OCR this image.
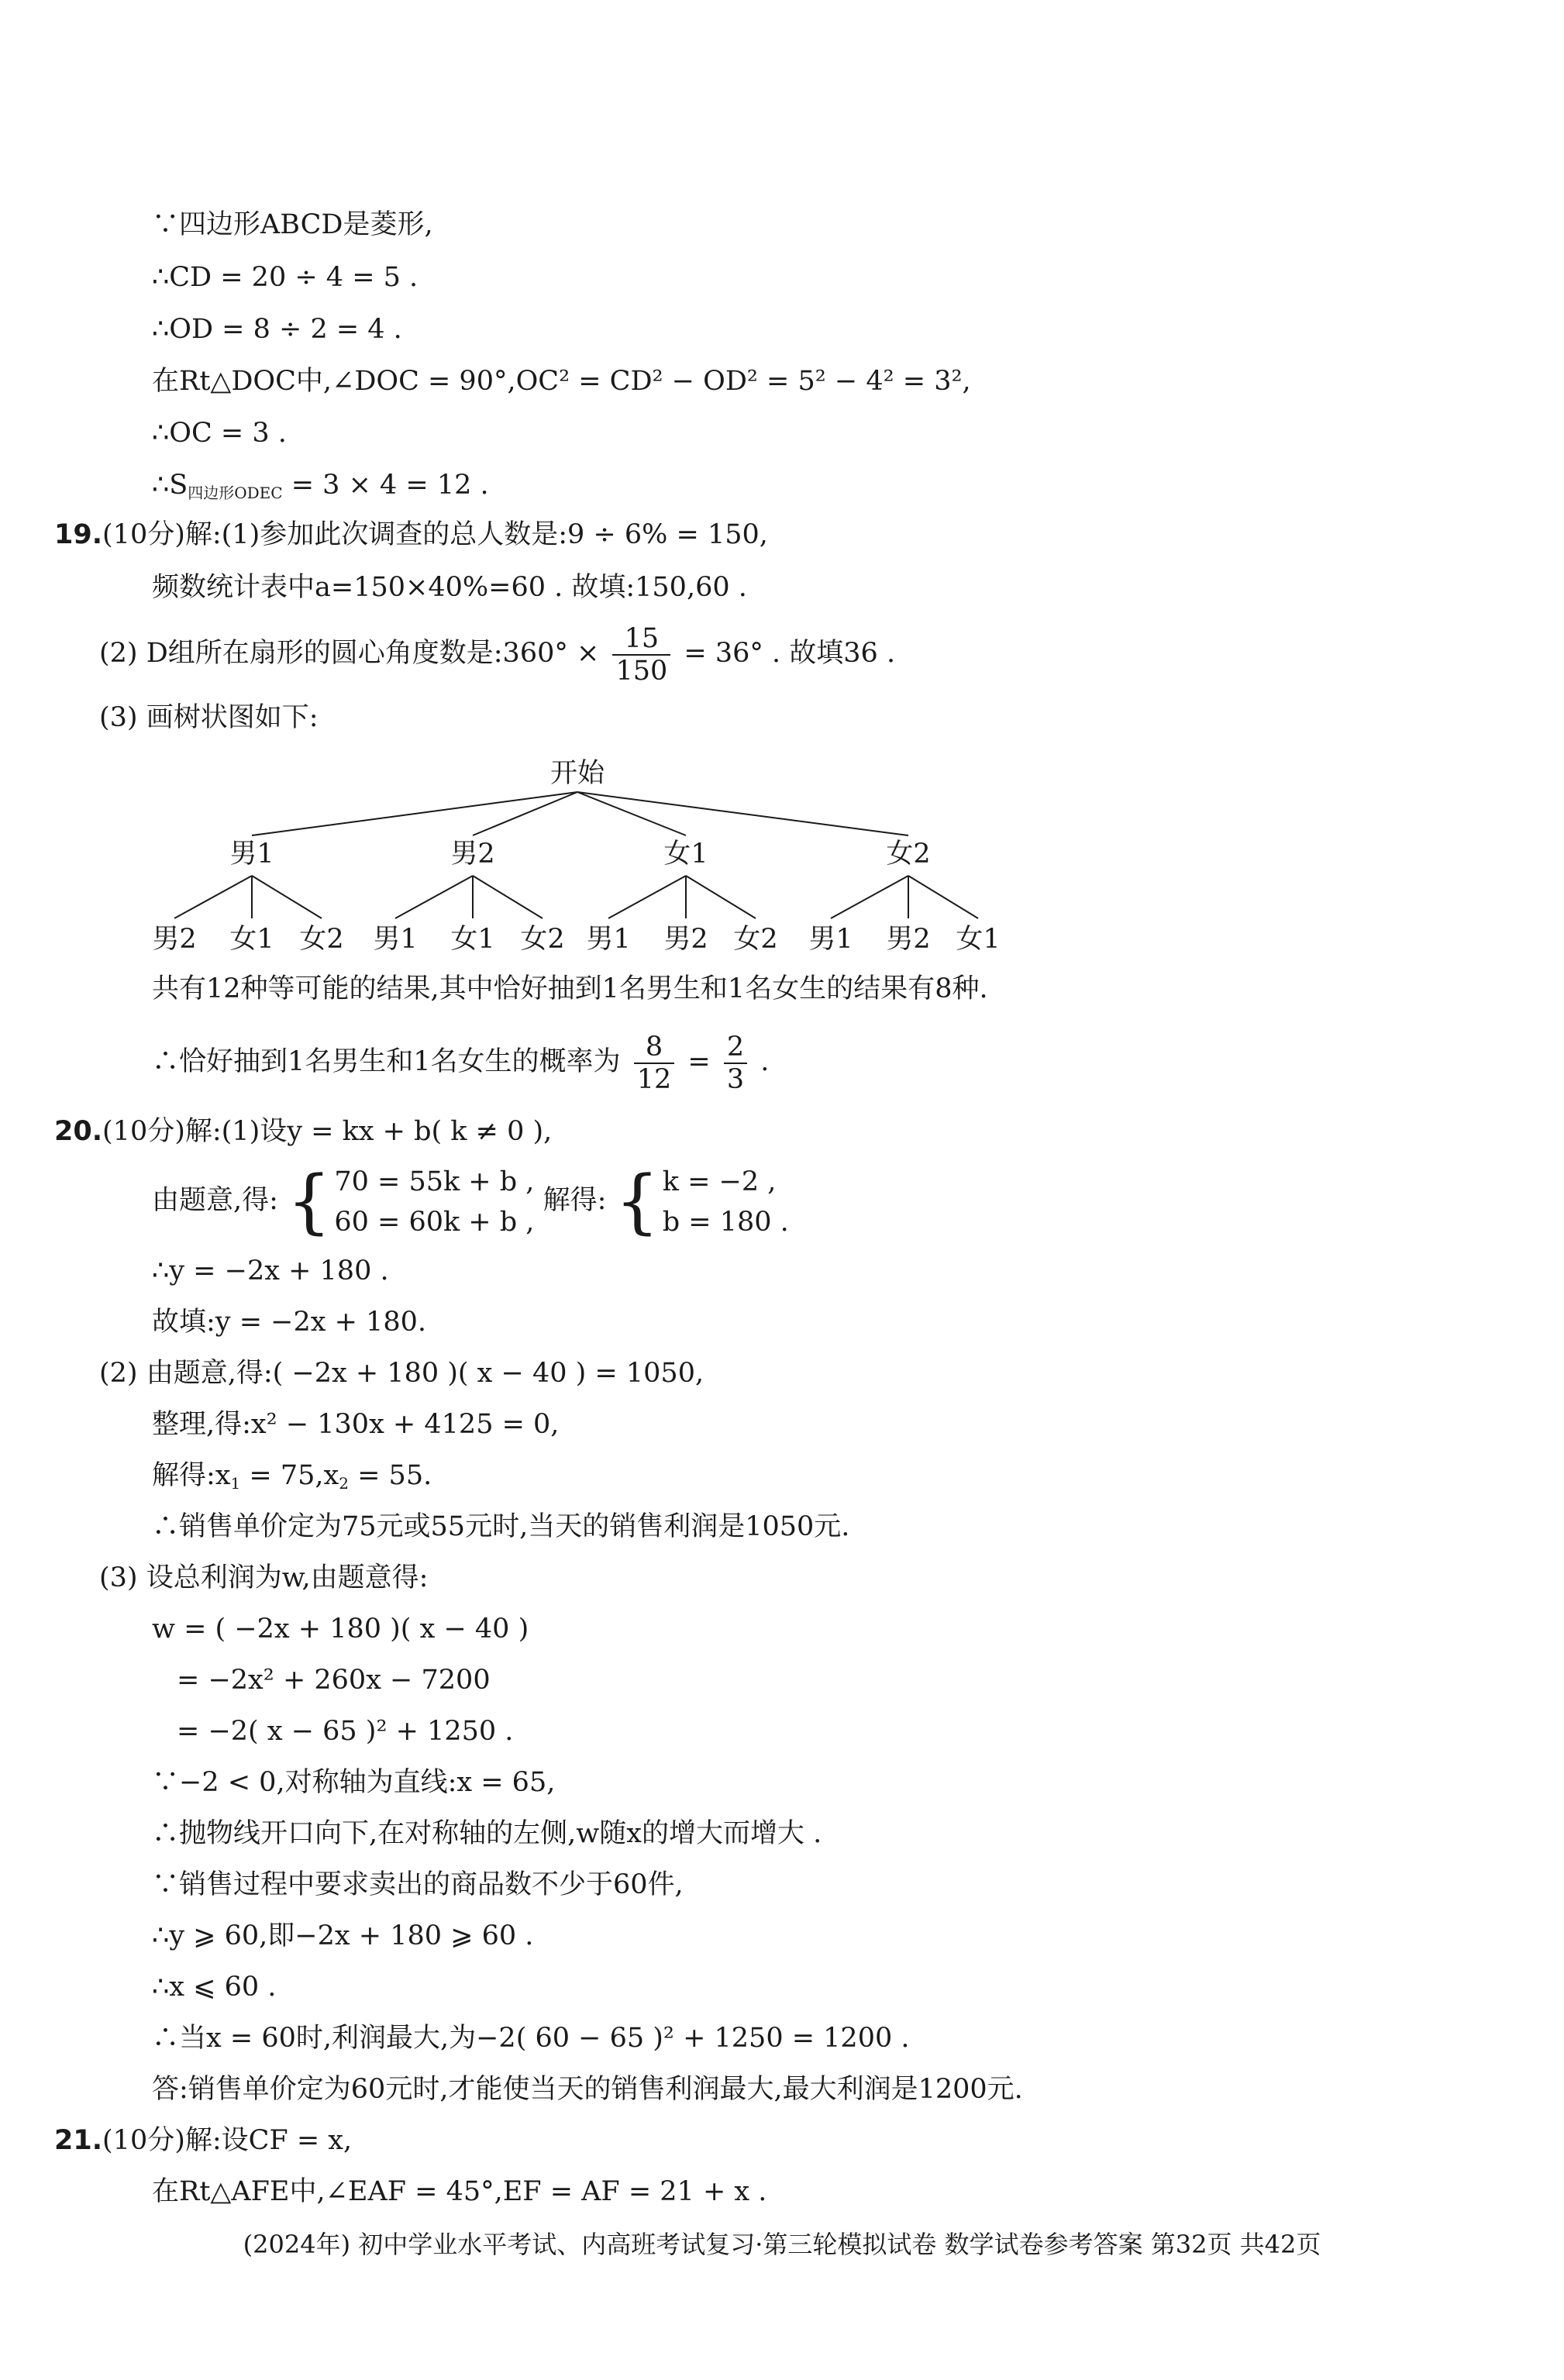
∵四边形ABCD是菱形,
∴CD = 20 ÷ 4 = 5 .
∴OD = 8 ÷ 2 = 4 .
在Rt△DOC中,∠DOC = 90°,OC² = CD² − OD² = 5² − 4² = 3²,
∴OC = 3 .
$\therefore S_{四边形ODEC} = 3 \times 4 = 12$ .
19.(10分)解:(1)参加此次调查的总人数是:9 ÷ 6% = 150,
频数统计表中a=150×40%=60 . 故填:150,60 .
(2) D组所在扇形的圆心角度数是:360° × $\frac{15}{150} = 36^\circ$ . 故填36 .
(3) 画树状图如下:
开始
男1
男2 女1 女2
男2
男1 女1 女2
女1
男1 男2 女2
女2
男1 男2 女1
共有12种等可能的结果,其中恰好抽到1名男生和1名女生的结果有8种.
∴恰好抽到1名男生和1名女生的概率为 $\frac{8}{12} = \frac{2}{3}$ .
20.(10分)解:(1)设y = kx + b( k ≠ 0 ),
由题意,得: { 70 = 55k + b ,
60 = 60k + b ,
解得: { k = −2 ,
b = 180 .
∴y = −2x + 180 .
故填:y = −2x + 180.
(2) 由题意,得:( −2x + 180 )( x − 40 ) = 1050,
整理,得:x² − 130x + 4125 = 0,
解得$:x_1 = 75,x_2 = 55$.
∴销售单价定为75元或55元时,当天的销售利润是1050元.
(3) 设总利润为w,由题意得:
w = ( −2x + 180 )( x − 40 )
= −2x² + 260x − 7200
= −2( x − 65 )² + 1250 .
∵−2 < 0,对称轴为直线:x = 65,
∴抛物线开口向下,在对称轴的左侧,w随x的增大而增大 .
∵销售过程中要求卖出的商品数不少于60件,
∴y ⩾ 60,即−2x + 180 ⩾ 60 .
∴x ⩽ 60 .
∴当x = 60时,利润最大,为−2( 60 − 65 )² + 1250 = 1200 .
答:销售单价定为60元时,才能使当天的销售利润最大,最大利润是1200元.
21.(10分)解:设CF = x,
在Rt△AFE中,∠EAF = 45°,EF = AF = 21 + x .
(2024年) 初中学业水平考试、内高班考试复习·第三轮模拟试卷 数学试卷参考答案 第32页 共42页
